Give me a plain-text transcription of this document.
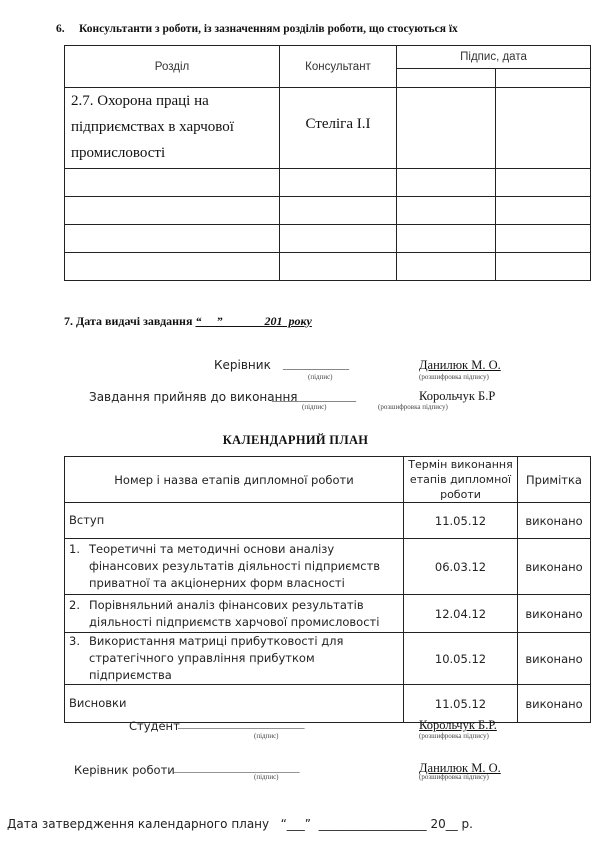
6. Консультанти з роботи, із зазначенням розділів роботи, що стосуються їх
Розділ	Консультант	Підпис, дата	

2.7. Охорона праці на підприємствах в харчової промисловості	Стеліга І.І		

7. Дата видачі завдання “     ”              201  року
Керівник ___________
(підпис)
Данилюк М. О.
(розшифровка підпису)
Завдання прийняв до виконання
______________
(підпис)
Корольчук Б.Р
(розшифровка підпису)
КАЛЕНДАРНИЙ ПЛАН
Номер і назва етапів дипломної роботи	Термін виконання етапів дипломної роботи	Примітка
Вступ	11.05.12	виконано
1. Теоретичні та методичні основи аналізу фінансових результатів діяльності підприємств приватної та акціонерних форм власності	06.03.12	виконано
2. Порівняльний аналіз фінансових результатів діяльності підприємств харчової промисловості	12.04.12	виконано
3. Використання матриці прибутковості для стратегічного управління прибутком підприємства	10.05.12	виконано
Висновки	11.05.12	виконано
Студент
_______________________
(підпис)
Корольчук Б.Р.
(розшифровка підпису)
Керівник роботи
_______________________
(підпис)
Данилюк М. О.
(розшифровка підпису)
Дата затвердження календарного плану   “___”  __________________ 20__ р.
